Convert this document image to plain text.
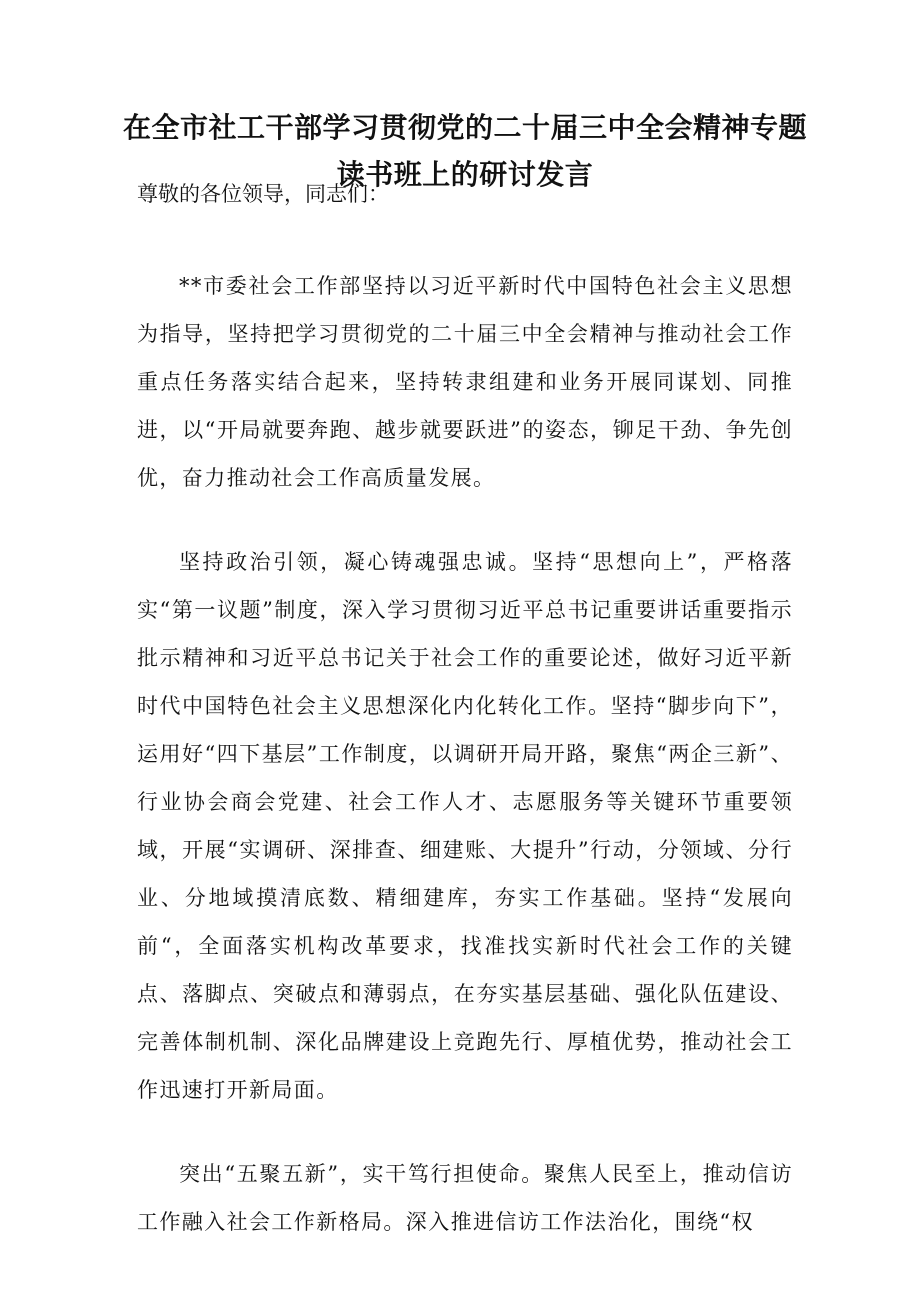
在全市社工干部学习贯彻党的二十届三中全会精神专题读书班上的研讨发言
尊敬的各位领导，同志们：

**市委社会工作部坚持以习近平新时代中国特色社会主义思想为指导，坚持把学习贯彻党的二十届三中全会精神与推动社会工作重点任务落实结合起来，坚持转隶组建和业务开展同谋划、同推进，以“开局就要奔跑、越步就要跃进”的姿态，铆足干劲、争先创优，奋力推动社会工作高质量发展。

坚持政治引领，凝心铸魂强忠诚。坚持“思想向上”，严格落实“第一议题”制度，深入学习贯彻习近平总书记重要讲话重要指示批示精神和习近平总书记关于社会工作的重要论述，做好习近平新时代中国特色社会主义思想深化内化转化工作。坚持“脚步向下”，运用好“四下基层”工作制度，以调研开局开路，聚焦“两企三新”、行业协会商会党建、社会工作人才、志愿服务等关键环节重要领域，开展“实调研、深排查、细建账、大提升”行动，分领域、分行业、分地域摸清底数、精细建库，夯实工作基础。坚持“发展向前“，全面落实机构改革要求，找准找实新时代社会工作的关键点、落脚点、突破点和薄弱点，在夯实基层基础、强化队伍建设、完善体制机制、深化品牌建设上竞跑先行、厚植优势，推动社会工作迅速打开新局面。

突出“五聚五新”，实干笃行担使命。聚焦人民至上，推动信访工作融入社会工作新格局。深入推进信访工作法治化，围绕“权
